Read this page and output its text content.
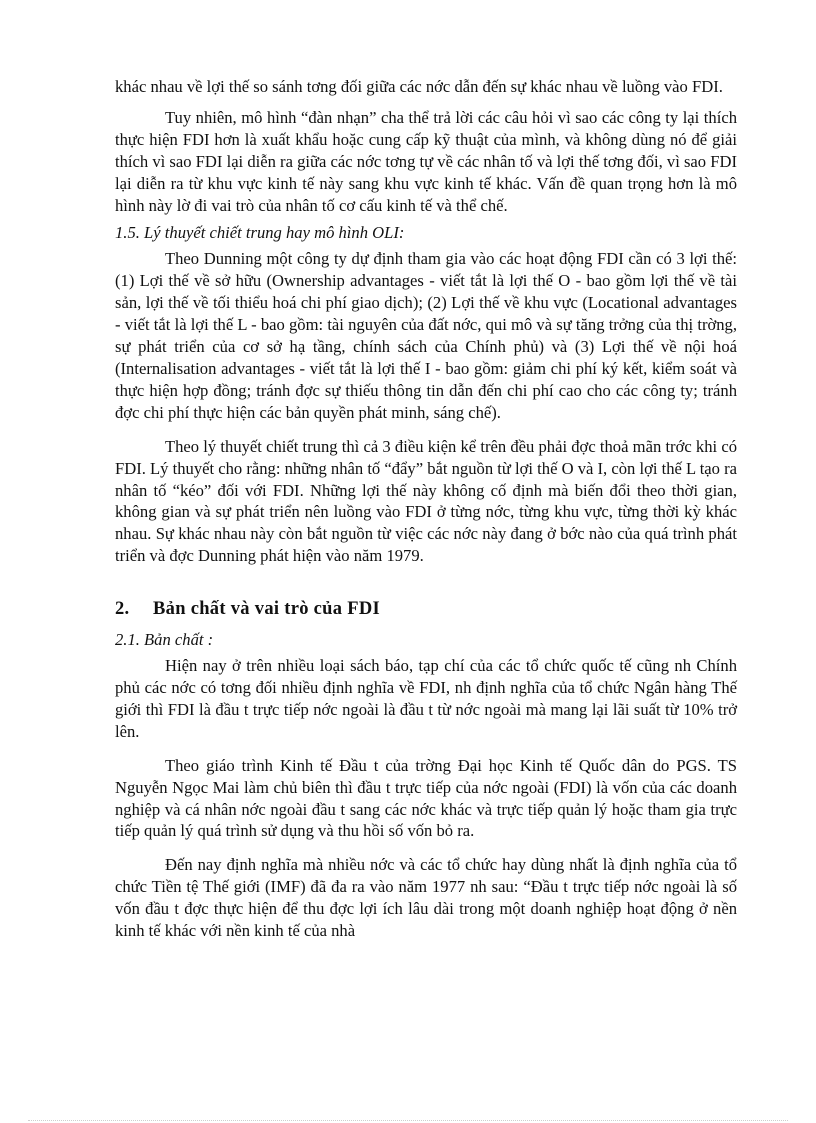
khác nhau về lợi thế so sánh tơng đối giữa các nớc dẫn đến sự khác nhau về luồng vào FDI.

Tuy nhiên, mô hình “đàn nhạn” cha thể trả lời các câu hỏi vì sao các công ty lại thích thực hiện FDI hơn là xuất khẩu hoặc cung cấp kỹ thuật của mình, và không dùng nó để giải thích vì sao FDI lại diễn ra giữa các nớc tơng tự về các nhân tố và lợi thế tơng đối, vì sao FDI lại diễn ra từ khu vực kinh tế này sang khu vực kinh tế khác. Vấn đề quan trọng hơn là mô hình này lờ đi vai trò của nhân tố cơ cấu kinh tế và thể chế.

1.5. Lý thuyết chiết trung hay mô hình OLI:

Theo Dunning một công ty dự định tham gia vào các hoạt động FDI cần có 3 lợi thế: (1) Lợi thế về sở hữu (Ownership advantages - viết tắt là lợi thế O - bao gồm lợi thế về tài sản, lợi thế về tối thiểu hoá chi phí giao dịch); (2) Lợi thế về khu vực (Locational advantages - viết tắt là lợi thế L - bao gồm: tài nguyên của đất nớc, qui mô và sự tăng trởng của thị trờng, sự phát triển của cơ sở hạ tầng, chính sách của Chính phủ) và (3) Lợi thế về nội hoá (Internalisation advantages - viết tắt là lợi thế I - bao gồm: giảm chi phí ký kết, kiểm soát và thực hiện hợp đồng; tránh đợc sự thiếu thông tin dẫn đến chi phí cao cho các công ty; tránh đợc chi phí thực hiện các bản quyền phát minh, sáng chế).

Theo lý thuyết chiết trung thì cả 3 điều kiện kể trên đều phải đợc thoả mãn trớc khi có FDI. Lý thuyết cho rằng: những nhân tố “đẩy” bắt nguồn từ lợi thế O và I, còn lợi thế L tạo ra nhân tố “kéo” đối với FDI. Những lợi thế này không cố định mà biến đổi theo thời gian, không gian và sự phát triển nên luồng vào FDI ở từng nớc, từng khu vực, từng thời kỳ khác nhau. Sự khác nhau này còn bắt nguồn từ việc các nớc này đang ở bớc nào của quá trình phát triển và đợc Dunning phát hiện vào năm 1979.

2. Bản chất và vai trò của FDI

2.1. Bản chất :

Hiện nay ở trên nhiều loại sách báo, tạp chí của các tổ chức quốc tế cũng nh Chính phủ các nớc có tơng đối nhiều định nghĩa về FDI, nh định nghĩa của tổ chức Ngân hàng Thế giới thì FDI là đầu t trực tiếp nớc ngoài là đầu t từ nớc ngoài mà mang lại lãi suất từ 10% trở lên.

Theo giáo trình Kinh tế Đầu t của trờng Đại học Kinh tế Quốc dân do PGS. TS Nguyễn Ngọc Mai làm chủ biên thì đầu t trực tiếp của nớc ngoài (FDI) là vốn của các doanh nghiệp và cá nhân nớc ngoài đầu t sang các nớc khác và trực tiếp quản lý hoặc tham gia trực tiếp quản lý quá trình sử dụng và thu hồi số vốn bỏ ra.

Đến nay định nghĩa mà nhiều nớc và các tổ chức hay dùng nhất là định nghĩa của tổ chức Tiền tệ Thế giới (IMF) đã đa ra vào năm 1977 nh sau: “Đầu t trực tiếp nớc ngoài là số vốn đầu t đợc thực hiện để thu đợc lợi ích lâu dài trong một doanh nghiệp hoạt động ở nền kinh tế khác với nền kinh tế của nhà
